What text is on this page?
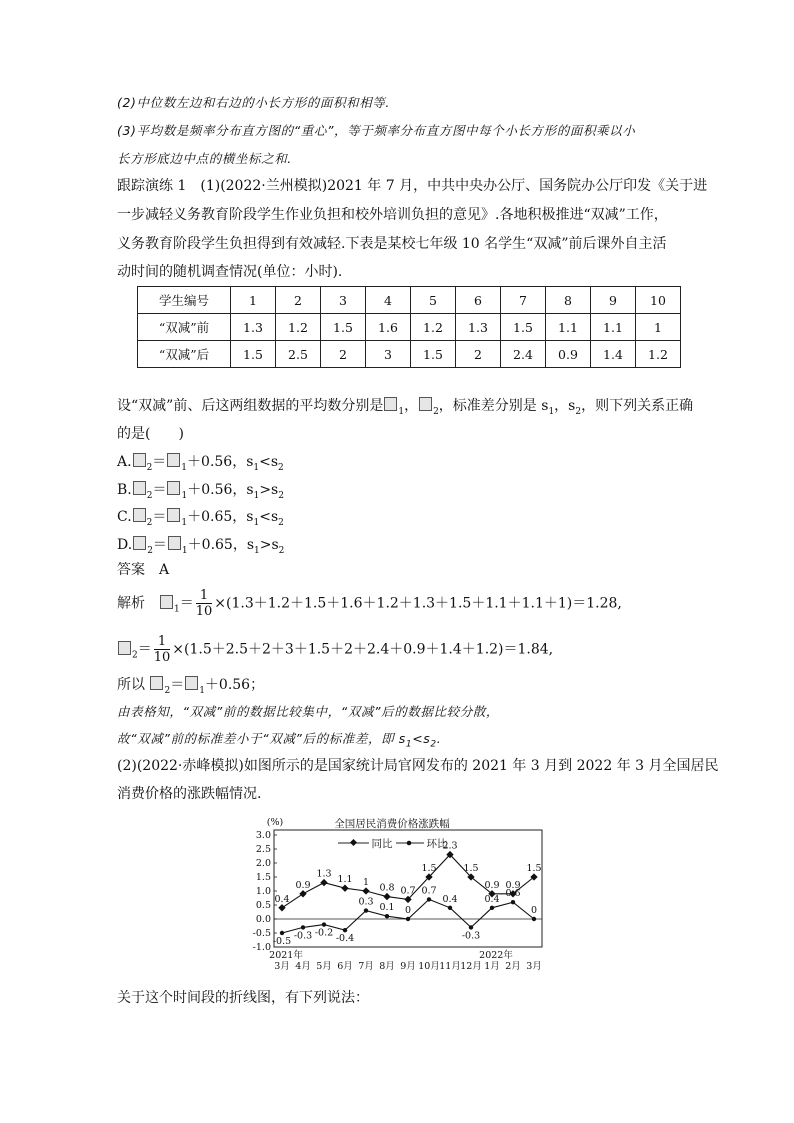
(2)中位数左边和右边的小长方形的面积和相等.
(3)平均数是频率分布直方图的“重心”，等于频率分布直方图中每个小长方形的面积乘以小
长方形底边中点的横坐标之和.
跟踪演练 1　(1)(2022·兰州模拟)2021 年 7 月，中共中央办公厅、国务院办公厅印发《关于进
一步减轻义务教育阶段学生作业负担和校外培训负担的意见》.各地积极推进“双减”工作，
义务教育阶段学生负担得到有效减轻.下表是某校七年级 10 名学生“双减”前后课外自主活
动时间的随机调查情况(单位：小时).
学生编号	1	2	3	4	5	6	7	8	9	10
“双减”前	1.3	1.2	1.5	1.6	1.2	1.3	1.5	1.1	1.1	1
“双减”后	1.5	2.5	2	3	1.5	2	2.4	0.9	1.4	1.2
设“双减”前、后这两组数据的平均数分别是 $_1$， $_2$，标准差分别是 $s_1$，$s_2$，则下列关系正确
的是(　　)
A. $_2$＝ $_1$＋0.56，$s_1<s_2$
B. $_2$＝ $_1$＋0.56，$s_1>s_2$
C. $_2$＝ $_1$＋0.65，$s_1<s_2$
D. $_2$＝ $_1$＋0.65，$s_1>s_2$
答案　A
解析　	$_1= \frac{1}{10} \times(1.3+1.2+1.5+1.6+1.2+1.3+1.5+1.1+1.1+1)=1.28$,
$_2= \frac{1}{10} \times(1.5+2.5+2+3+1.5+2+2.4+0.9+1.4+1.2)=1.84$,
所以 $_2$＝ $_1$＋0.56；
由表格知，“双减”前的数据比较集中，“双减”后的数据比较分散，
故“双减”前的标准差小于“双减”后的标准差，即 $s_1<s_2$.
(2)(2022·赤峰模拟)如图所示的是国家统计局官网发布的 2021 年 3 月到 2022 年 3 月全国居民
消费价格的涨跌幅情况.
(%)	全国居民消费价格涨跌幅
3.0
2.5
2.0
1.5
1.0
0.5
0.0
-0.5
-1.0
同比	环比
0.4
0.9
1.3
1.1 1
0.8 0.7
1.5
2.3
1.5
0.9 0.9
1.5
-0.5
-0.3 -0.2
-0.4
0.3
0.1 0
0.7
0.4
-0.3
0.4
0.6
0
3月 4月 5月 6月 7月 8月 9月 10月 11月 12月 1月 2月 3月
2021年	2022年
关于这个时间段的折线图，有下列说法：
